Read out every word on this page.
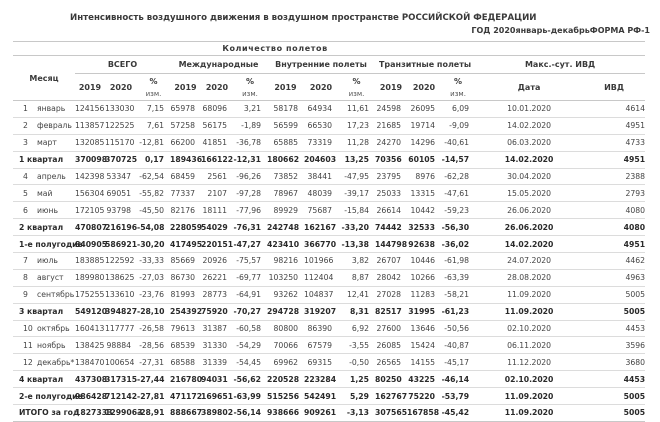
Интенсивность воздушного движения в воздушном пространстве РОССИЙСКОЙ ФЕДЕРАЦИИ
ГОД 2020январь-декабрьФОРМА РФ-1
	Количество полетов													
Месяц	ВСЕГО			Международные			Внутренние полеты			Транзитные полеты			Макс.-сут. ИВД	
	2019	2020	%	2019	2020	%	2019	2020	%	2019	2020	%	Дата	ИВД
			изм.			изм.			изм.			изм.		
1 январь	124156	133030	7,15	65978	68096	3,21	58178	64934	11,61	24598	26095	6,09	10.01.2020	4614
2 февраль	113857	122525	7,61	57258	56175	-1,89	56599	66530	17,23	21685	19714	-9,09	14.02.2020	4951
3 март	132085	115170	-12,81	66200	41851	-36,78	65885	73319	11,28	24270	14296	-40,61	06.03.2020	4733
1 квартал	370098	370725	0,17	189436	166122	-12,31	180662	204603	13,25	70356	60105	-14,57	14.02.2020	4951
4 апрель	142398	53347	-62,54	68459	2561	-96,26	73852	38441	-47,95	23795	8976	-62,28	30.04.2020	2388
5 май	156304	69051	-55,82	77337	2107	-97,28	78967	48039	-39,17	25033	13315	-47,61	15.05.2020	2793
6 июнь	172105	93798	-45,50	82176	18111	-77,96	89929	75687	-15,84	26614	10442	-59,23	26.06.2020	4080
2 квартал	470807	216196	-54,08	228059	54029	-76,31	242748	162167	-33,20	74442	32533	-56,30	26.06.2020	4080
1-е полугодие	840905	586921	-30,20	417495	220151	-47,27	423410	366770	-13,38	144798	92638	-36,02	14.02.2020	4951
7 июль	183885	122592	-33,33	85669	20926	-75,57	98216	101966	3,82	26707	10446	-61,98	24.07.2020	4462
8 август	189980	138625	-27,03	86730	26221	-69,77	103250	112404	8,87	28042	10266	-63,39	28.08.2020	4963
9 сентябрь	175255	133610	-23,76	81993	28773	-64,91	93262	104837	12,41	27028	11283	-58,21	11.09.2020	5005
3 квартал	549120	394827	-28,10	254392	75920	-70,27	294728	319207	8,31	82517	31995	-61,23	11.09.2020	5005
10 октябрь	160413	117777	-26,58	79613	31387	-60,58	80800	86390	6,92	27600	13646	-50,56	02.10.2020	4453
11 ноябрь	138425	98884	-28,56	68539	31330	-54,29	70066	67579	-3,55	26085	15424	-40,87	06.11.2020	3596
12 декабрь*	138470	100654	-27,31	68588	31339	-54,45	69962	69315	-0,50	26565	14155	-45,17	11.12.2020	3680
4 квартал	437308	317315	-27,44	216780	94031	-56,62	220528	223284	1,25	80250	43225	-46,14	02.10.2020	4453
2-е полугодие	986428	712142	-27,81	471172	169651	-63,99	515256	542491	5,29	162767	75220	-53,79	11.09.2020	5005
ИТОГО за год	1827333	1299063	-28,91	888667	389802	-56,14	938666	909261	-3,13	307565	167858	-45,42	11.09.2020	5005
